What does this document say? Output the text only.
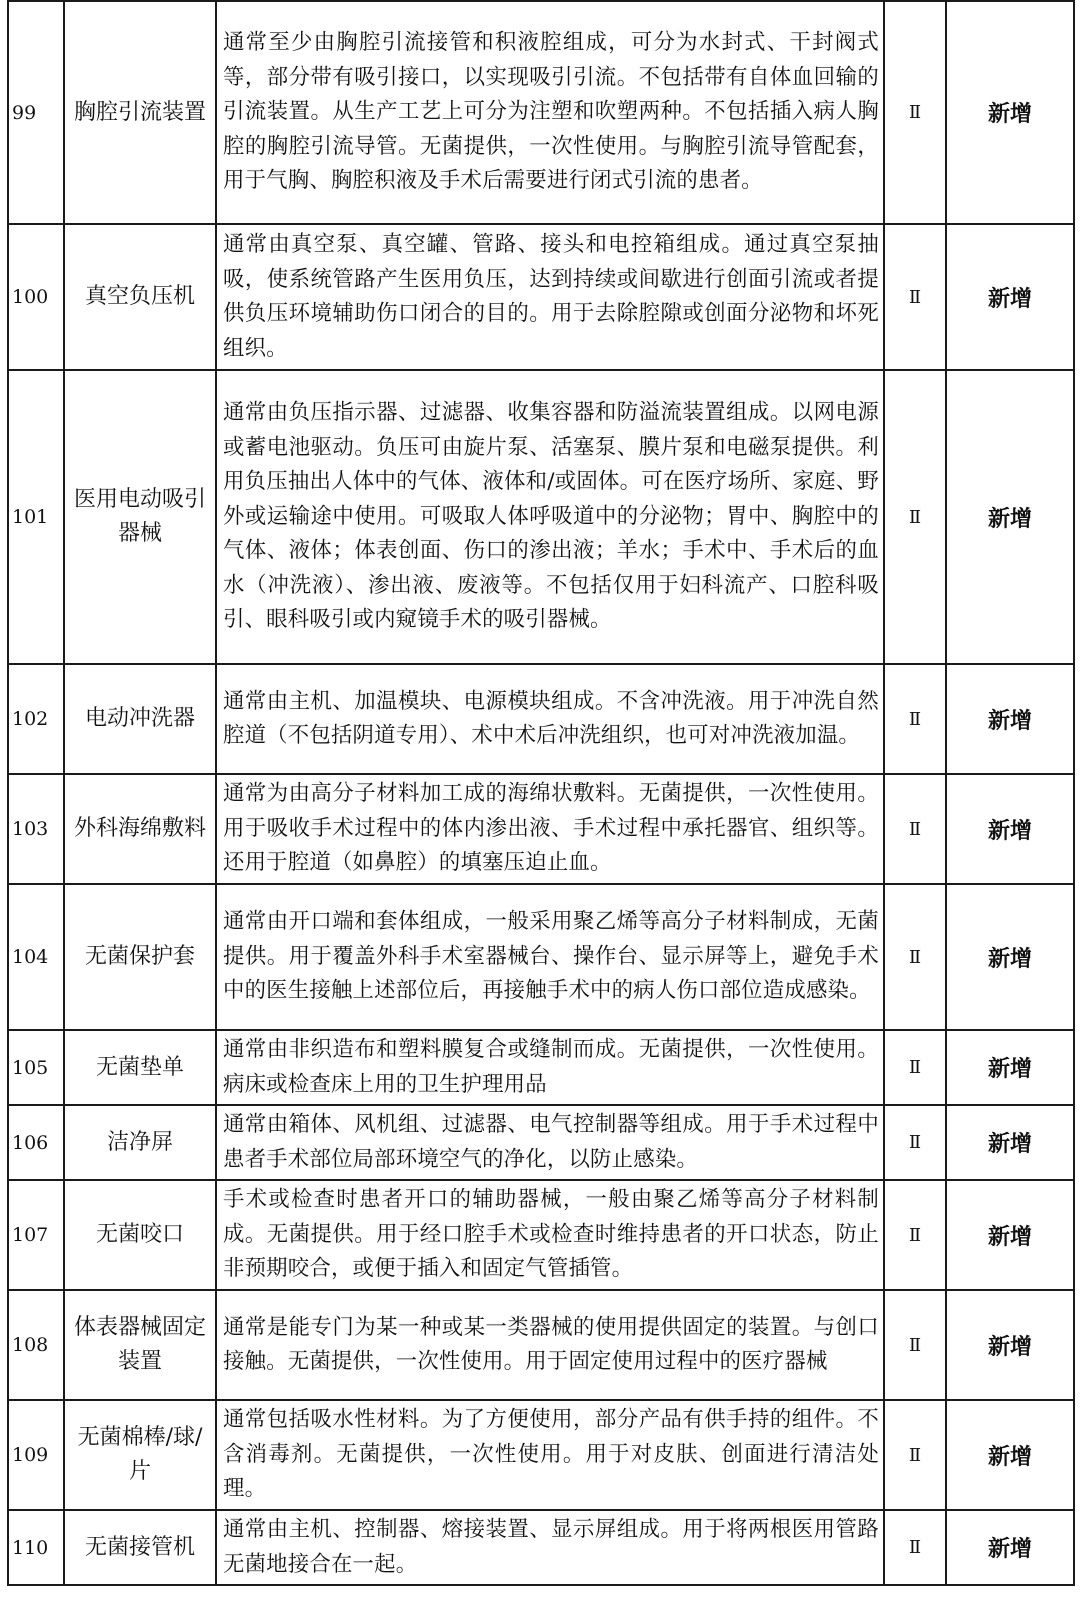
99	胸腔引流装置	通常至少由胸腔引流接管和积液腔组成，可分为水封式、干封阀式等，部分带有吸引接口，以实现吸引引流。不包括带有自体血回输的引流装置。从生产工艺上可分为注塑和吹塑两种。不包括插入病人胸腔的胸腔引流导管。无菌提供，一次性使用。与胸腔引流导管配套，用于气胸、胸腔积液及手术后需要进行闭式引流的患者。	Ⅱ	新增
100	真空负压机	通常由真空泵、真空罐、管路、接头和电控箱组成。通过真空泵抽吸，使系统管路产生医用负压，达到持续或间歇进行创面引流或者提供负压环境辅助伤口闭合的目的。用于去除腔隙或创面分泌物和坏死组织。	Ⅱ	新增
101	医用电动吸引器械	通常由负压指示器、过滤器、收集容器和防溢流装置组成。以网电源或蓄电池驱动。负压可由旋片泵、活塞泵、膜片泵和电磁泵提供。利用负压抽出人体中的气体、液体和/或固体。可在医疗场所、家庭、野外或运输途中使用。可吸取人体呼吸道中的分泌物；胃中、胸腔中的气体、液体；体表创面、伤口的渗出液；羊水；手术中、手术后的血水（冲洗液）、渗出液、废液等。不包括仅用于妇科流产、口腔科吸引、眼科吸引或内窥镜手术的吸引器械。	Ⅱ	新增
102	电动冲洗器	通常由主机、加温模块、电源模块组成。不含冲洗液。用于冲洗自然腔道（不包括阴道专用）、术中术后冲洗组织，也可对冲洗液加温。	Ⅱ	新增
103	外科海绵敷料	通常为由高分子材料加工成的海绵状敷料。无菌提供，一次性使用。用于吸收手术过程中的体内渗出液、手术过程中承托器官、组织等。还用于腔道（如鼻腔）的填塞压迫止血。	Ⅱ	新增
104	无菌保护套	通常由开口端和套体组成，一般采用聚乙烯等高分子材料制成，无菌提供。用于覆盖外科手术室器械台、操作台、显示屏等上，避免手术中的医生接触上述部位后，再接触手术中的病人伤口部位造成感染。	Ⅱ	新增
105	无菌垫单	通常由非织造布和塑料膜复合或缝制而成。无菌提供，一次性使用。病床或检查床上用的卫生护理用品	Ⅱ	新增
106	洁净屏	通常由箱体、风机组、过滤器、电气控制器等组成。用于手术过程中患者手术部位局部环境空气的净化，以防止感染。	Ⅱ	新增
107	无菌咬口	手术或检查时患者开口的辅助器械，一般由聚乙烯等高分子材料制成。无菌提供。用于经口腔手术或检查时维持患者的开口状态，防止非预期咬合，或便于插入和固定气管插管。	Ⅱ	新增
108	体表器械固定装置	通常是能专门为某一种或某一类器械的使用提供固定的装置。与创口接触。无菌提供，一次性使用。用于固定使用过程中的医疗器械	Ⅱ	新增
109	无菌棉棒/球/片	通常包括吸水性材料。为了方便使用，部分产品有供手持的组件。不含消毒剂。无菌提供，一次性使用。用于对皮肤、创面进行清洁处理。	Ⅱ	新增
110	无菌接管机	通常由主机、控制器、熔接装置、显示屏组成。用于将两根医用管路无菌地接合在一起。	Ⅱ	新增
